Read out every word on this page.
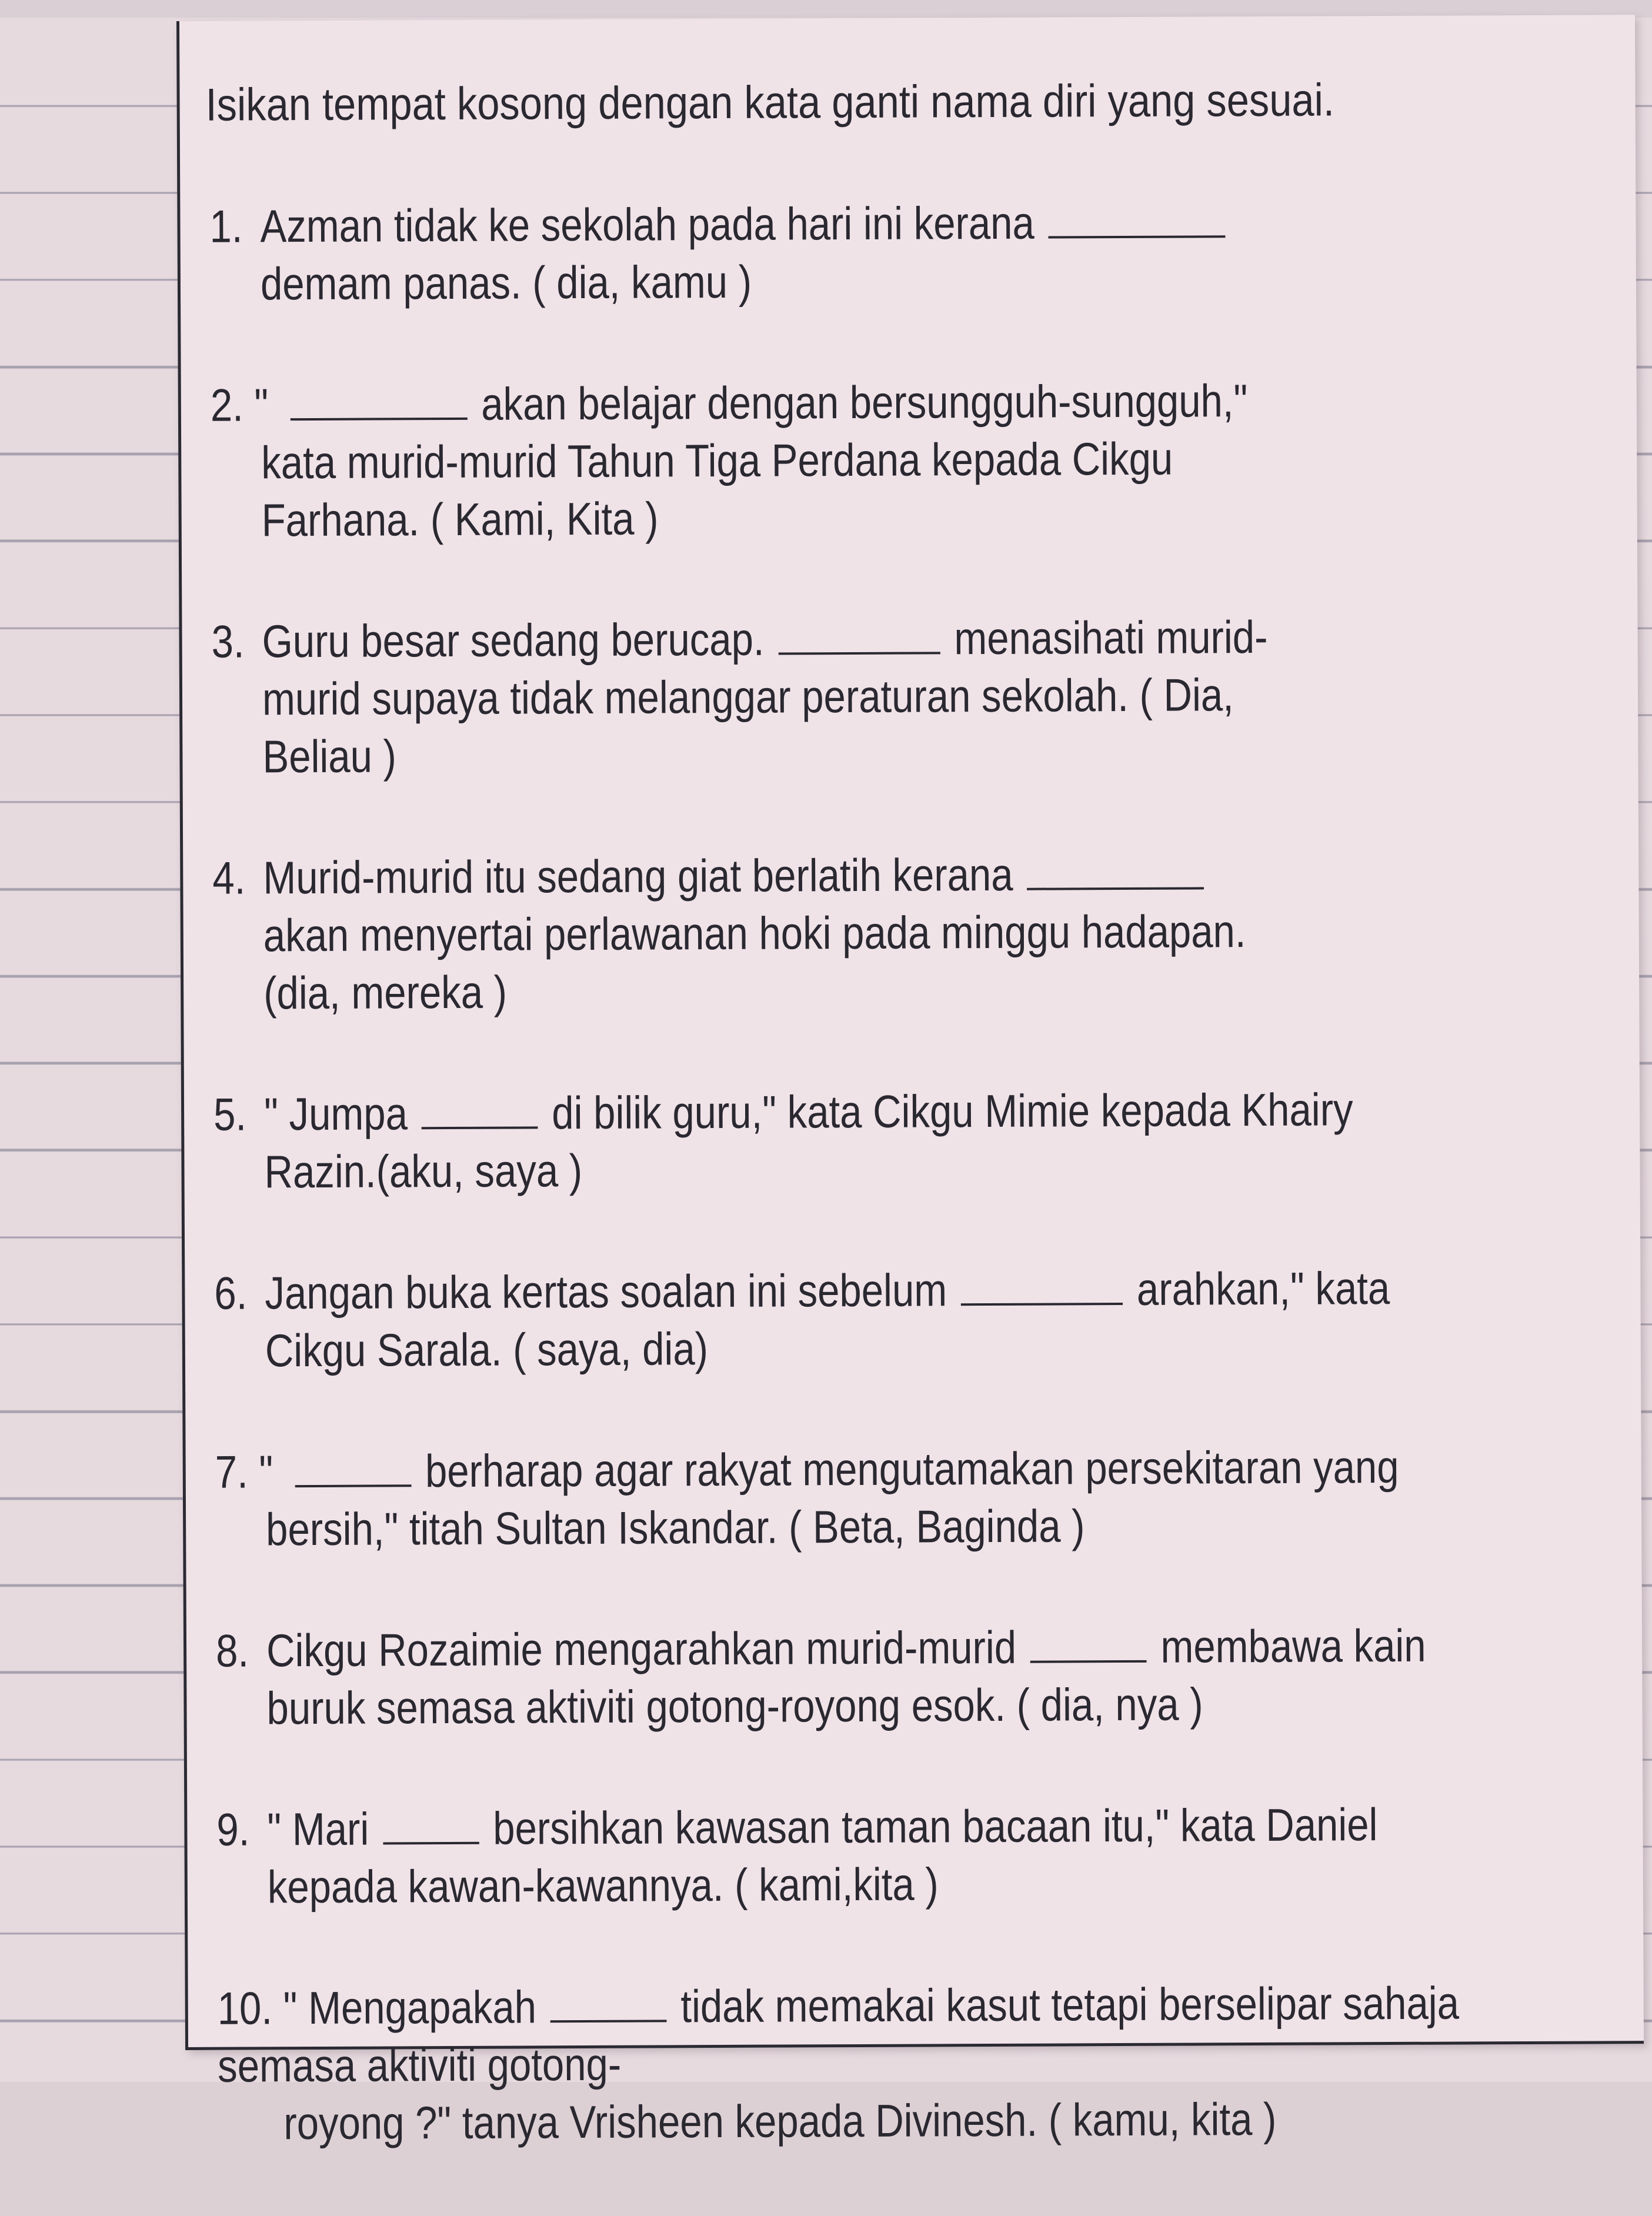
Isikan tempat kosong dengan kata ganti nama diri yang sesuai.
1. Azman tidak ke sekolah pada hari ini kerana
demam panas. ( dia, kamu )
2. "	akan belajar dengan bersungguh-sungguh,"
kata murid-murid Tahun Tiga Perdana kepada Cikgu
Farhana. ( Kami, Kita )
3. Guru besar sedang berucap.	menasihati murid-
murid supaya tidak melanggar peraturan sekolah. ( Dia,
Beliau )
4. Murid-murid itu sedang giat berlatih kerana
akan menyertai perlawanan hoki pada minggu hadapan.
(dia, mereka )
5. " Jumpa	di bilik guru," kata Cikgu Mimie kepada Khairy
Razin.(aku, saya )
6. Jangan buka kertas soalan ini sebelum	arahkan," kata
Cikgu Sarala. ( saya, dia)
7. "	berharap agar rakyat mengutamakan persekitaran yang
bersih," titah Sultan Iskandar. ( Beta, Baginda )
8. Cikgu Rozaimie mengarahkan murid-murid	membawa kain
buruk semasa aktiviti gotong-royong esok. ( dia, nya )
9. " Mari	bersihkan kawasan taman bacaan itu," kata Daniel
kepada kawan-kawannya. ( kami,kita )
10. " Mengapakah	tidak memakai kasut tetapi berselipar sahaja
semasa aktiviti gotong-
royong ?" tanya Vrisheen kepada Divinesh. ( kamu, kita )
